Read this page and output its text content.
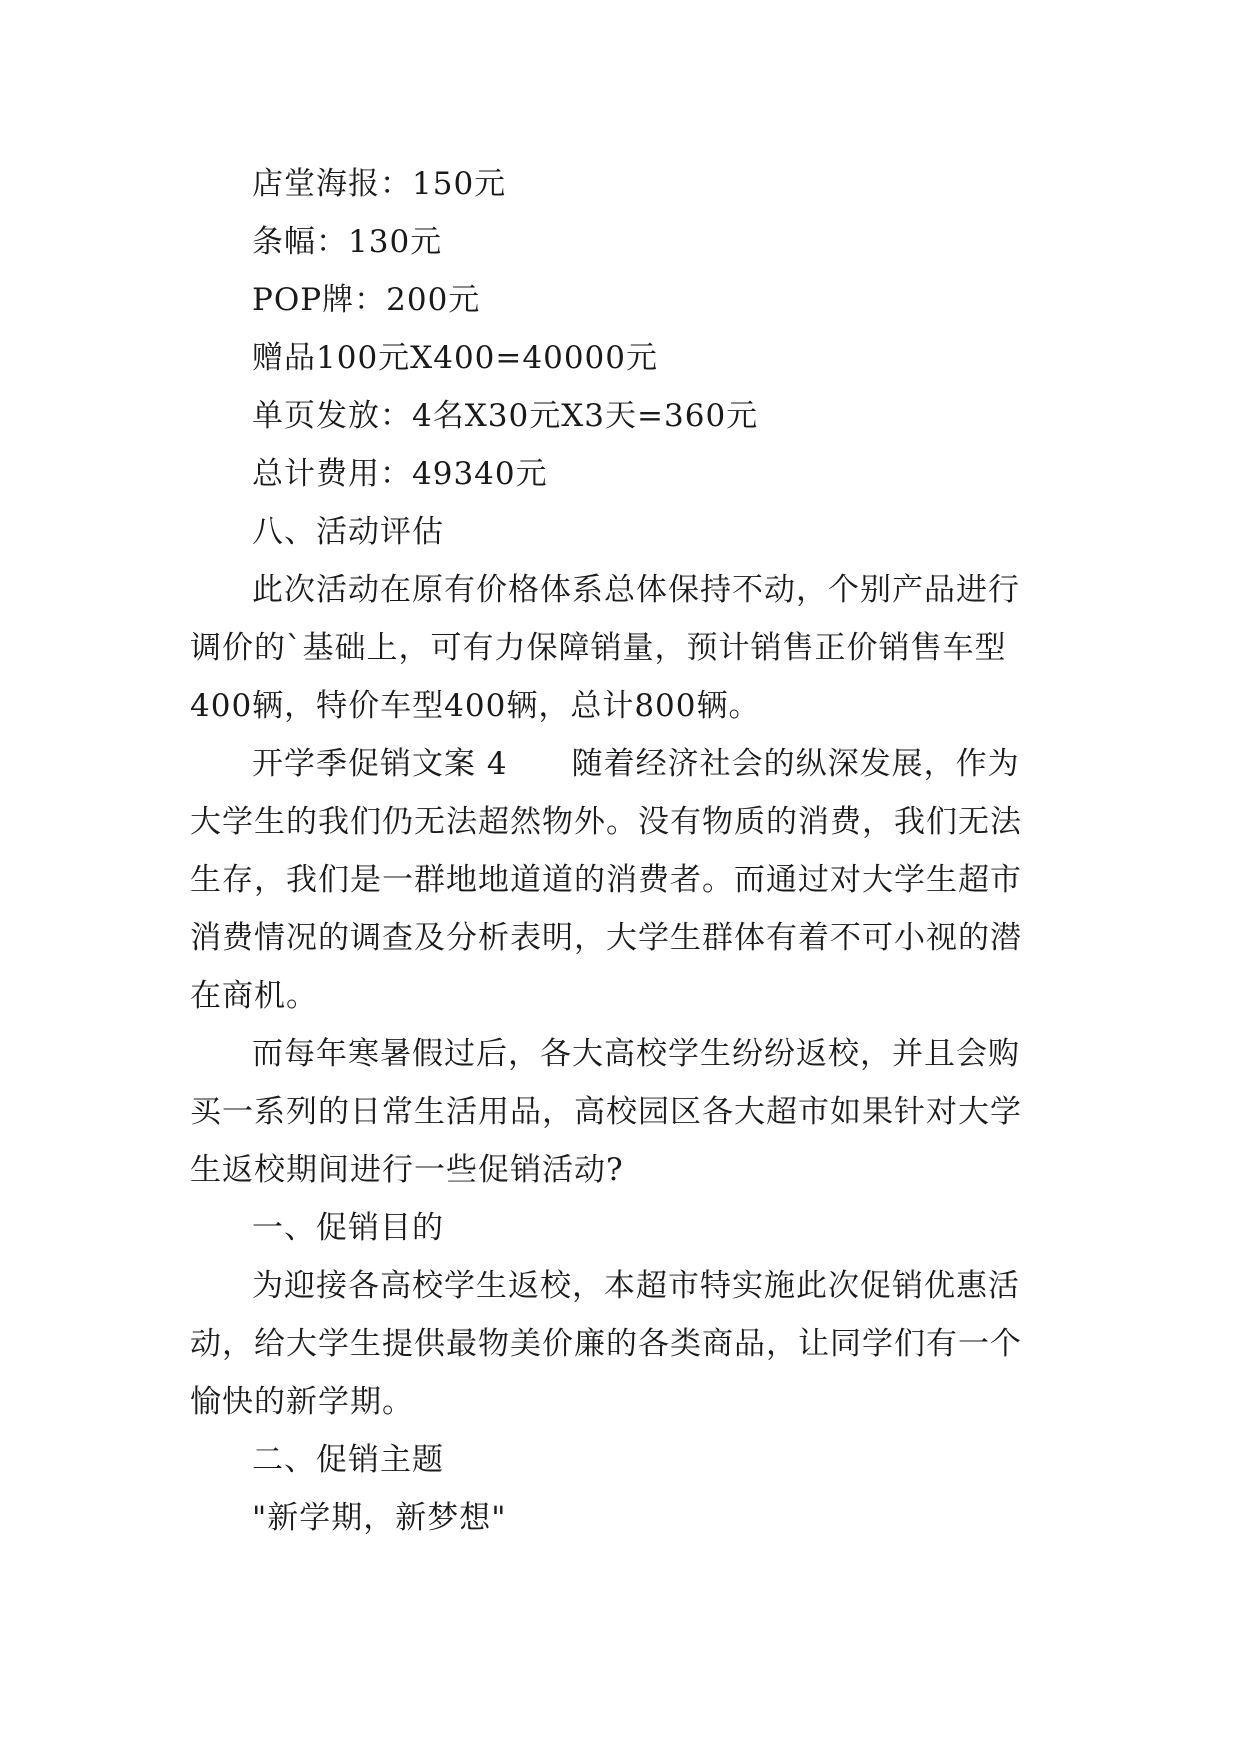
店堂海报：150元
条幅：130元
POP牌：200元
赠品100元X400=40000元
单页发放：4名X30元X3天=360元
总计费用：49340元
八、活动评估

此次活动在原有价格体系总体保持不动，个别产品进行

调价的`基础上，可有力保障销量，预计销售正价销售车型

400辆，特价车型400辆，总计800辆。

开学季促销文案 4　　随着经济社会的纵深发展，作为

大学生的我们仍无法超然物外。没有物质的消费，我们无法

生存，我们是一群地地道道的消费者。而通过对大学生超市

消费情况的调查及分析表明，大学生群体有着不可小视的潜

在商机。

而每年寒暑假过后，各大高校学生纷纷返校，并且会购

买一系列的日常生活用品，高校园区各大超市如果针对大学

生返校期间进行一些促销活动?

一、促销目的

为迎接各高校学生返校，本超市特实施此次促销优惠活

动，给大学生提供最物美价廉的各类商品，让同学们有一个

愉快的新学期。

二、促销主题
"新学期，新梦想"
